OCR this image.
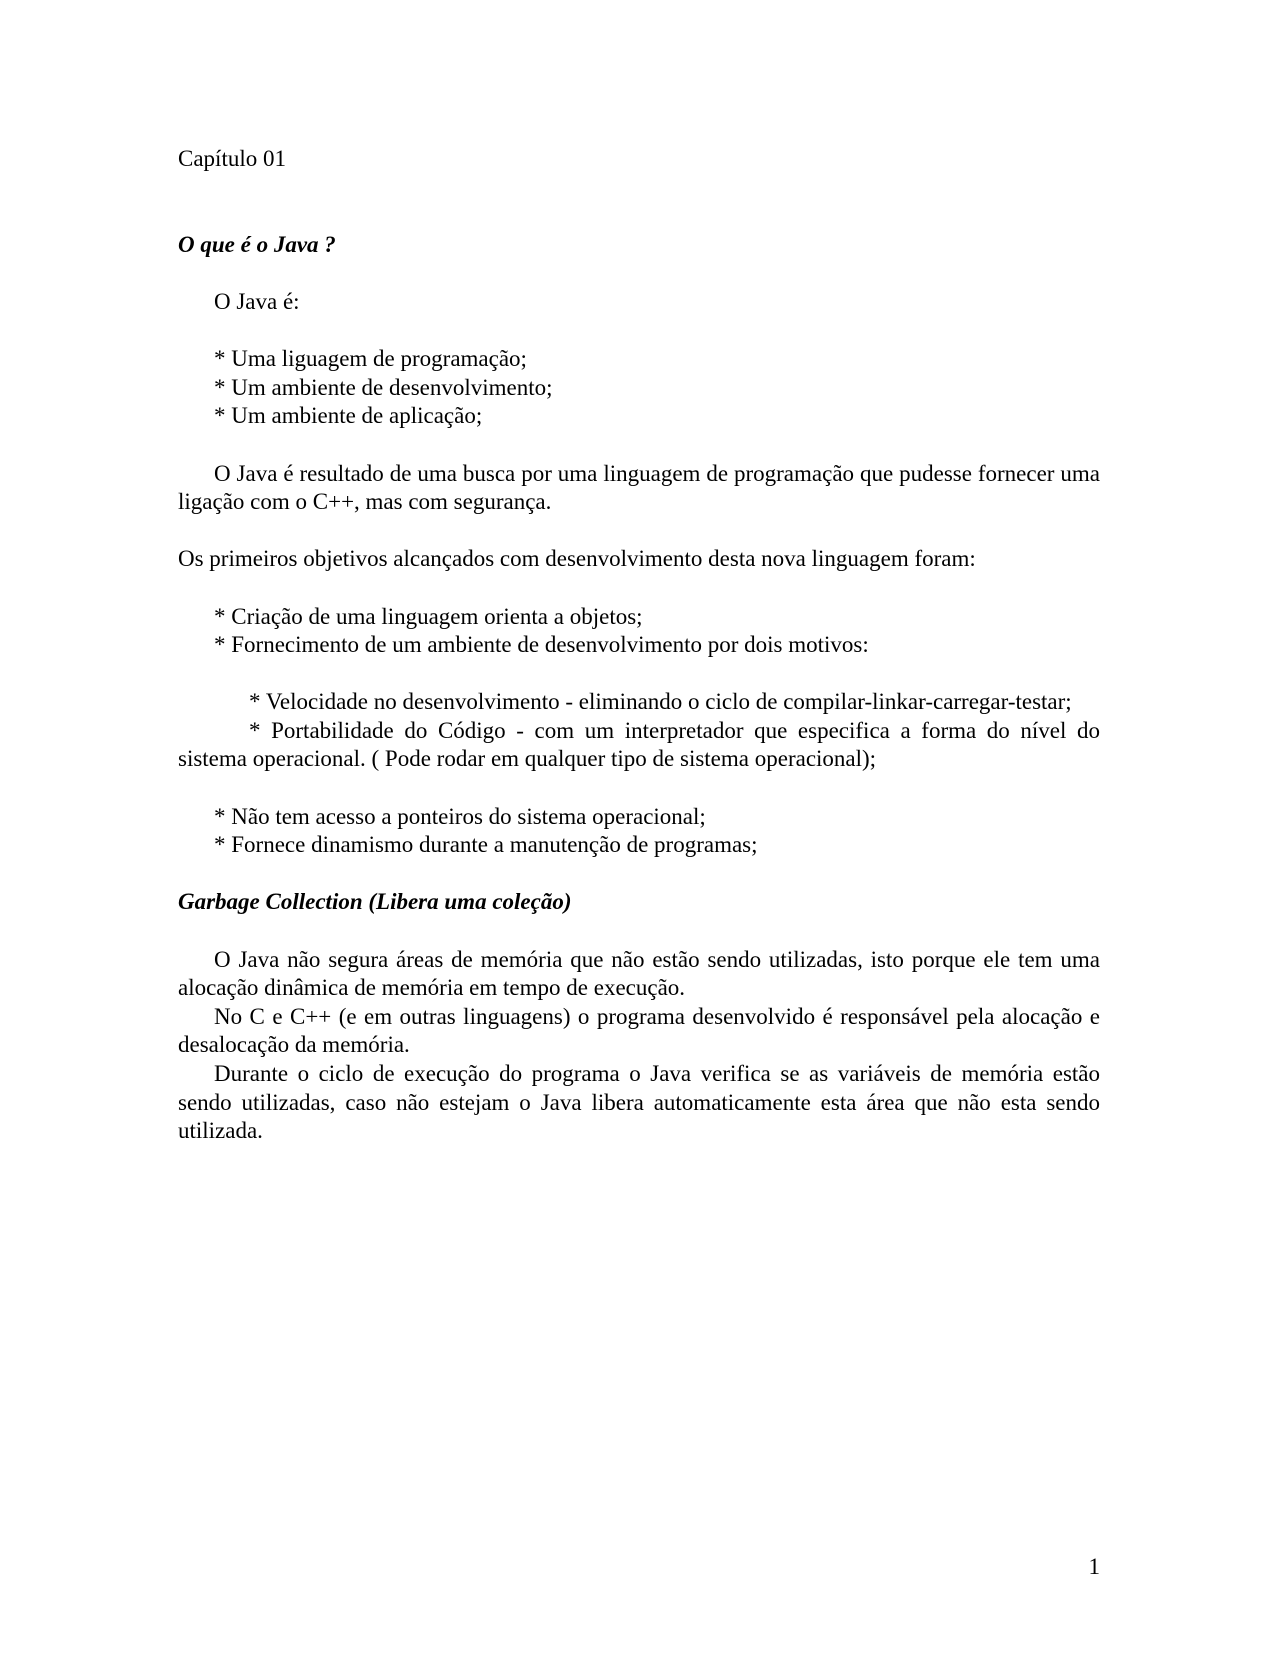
Capítulo 01

O que é o Java ?

O Java é:

* Uma liguagem de programação;

* Um ambiente de desenvolvimento;

* Um ambiente de aplicação;

O Java é resultado de uma busca por uma linguagem de programação que pudesse fornecer uma ligação com o C++, mas com segurança.

Os primeiros objetivos alcançados com desenvolvimento desta nova linguagem foram:

* Criação de uma linguagem orienta a objetos;

* Fornecimento de um ambiente de desenvolvimento por dois motivos:

* Velocidade no desenvolvimento - eliminando o ciclo de compilar-linkar-carregar-testar;

* Portabilidade do Código - com um interpretador que especifica a forma do nível do sistema operacional. ( Pode rodar em qualquer tipo de sistema operacional);

* Não tem acesso a ponteiros do sistema operacional;

* Fornece dinamismo durante a manutenção de programas;

Garbage Collection (Libera uma coleção)

O Java não segura áreas de memória que não estão sendo utilizadas, isto porque ele tem uma alocação dinâmica de memória em tempo de execução.

No C e C++ (e em outras linguagens) o programa desenvolvido é responsável pela alocação e desalocação da memória.

Durante o ciclo de execução do programa o Java verifica se as variáveis de memória estão sendo utilizadas, caso não estejam o Java libera automaticamente esta área que não esta sendo utilizada.

1
